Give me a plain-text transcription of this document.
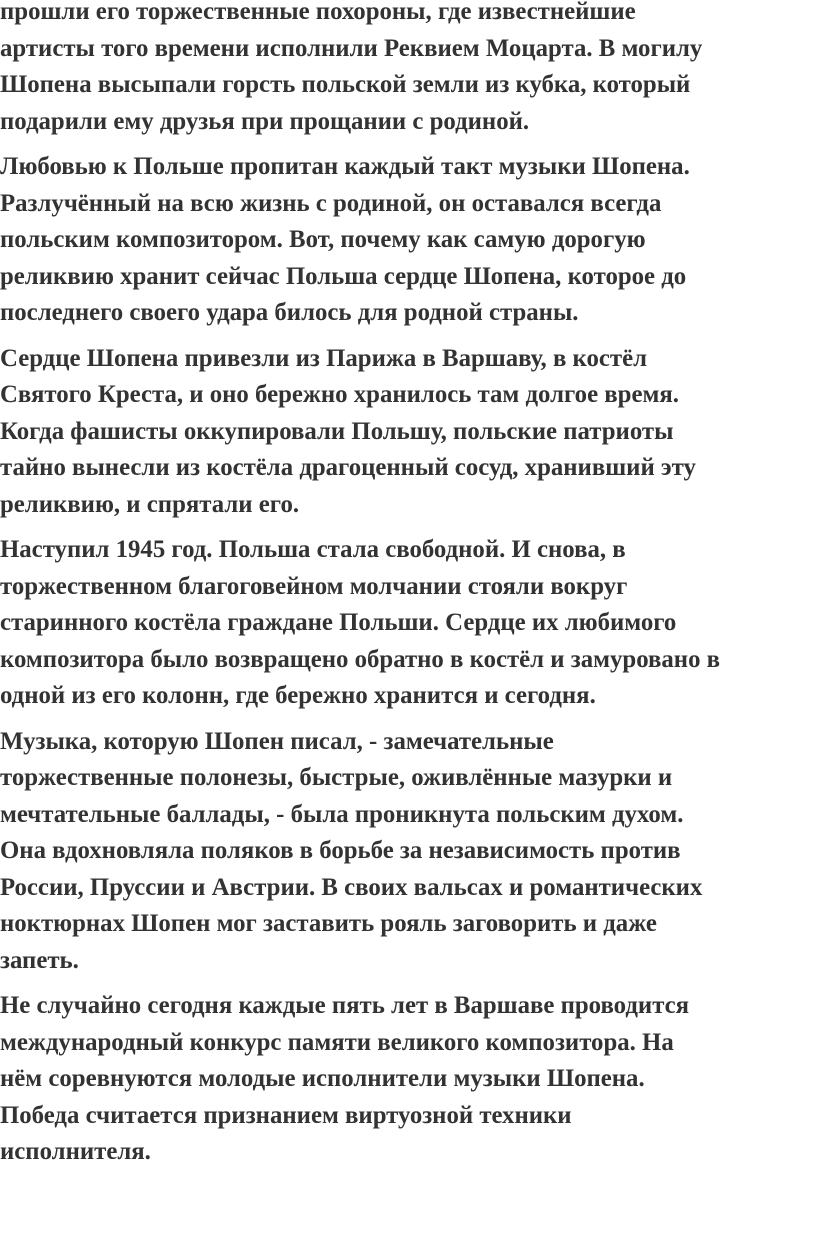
прошли его торжественные похороны, где известнейшие
артисты того времени исполнили Реквием Моцарта. В могилу
Шопена высыпали горсть польской земли из кубка, который
подарили ему друзья при прощании с родиной.

Любовью к Польше пропитан каждый такт музыки Шопена.
Разлучённый на всю жизнь с родиной, он оставался всегда
польским композитором. Вот, почему как самую дорогую
реликвию хранит сейчас Польша сердце Шопена, которое до
последнего своего удара билось для родной страны.

Сердце Шопена привезли из Парижа в Варшаву, в костёл
Святого Креста, и оно бережно хранилось там долгое время.
Когда фашисты оккупировали Польшу, польские патриоты
тайно вынесли из костёла драгоценный сосуд, хранивший эту
реликвию, и спрятали его.

Наступил 1945 год. Польша стала свободной. И снова, в
торжественном благоговейном молчании стояли вокруг
старинного костёла граждане Польши. Сердце их любимого
композитора было возвращено обратно в костёл и замуровано в
одной из его колонн, где бережно хранится и сегодня.

Музыка, которую Шопен писал, - замечательные
торжественные полонезы, быстрые, оживлённые мазурки и
мечтательные баллады, - была проникнута польским духом.
Она вдохновляла поляков в борьбе за независимость против
России, Пруссии и Австрии. В своих вальсах и романтических
ноктюрнах Шопен мог заставить рояль заговорить и даже
запеть.

Не случайно сегодня каждые пять лет в Варшаве проводится
международный конкурс памяти великого композитора. На
нём соревнуются молодые исполнители музыки Шопена.
Победа считается признанием виртуозной техники
исполнителя.
